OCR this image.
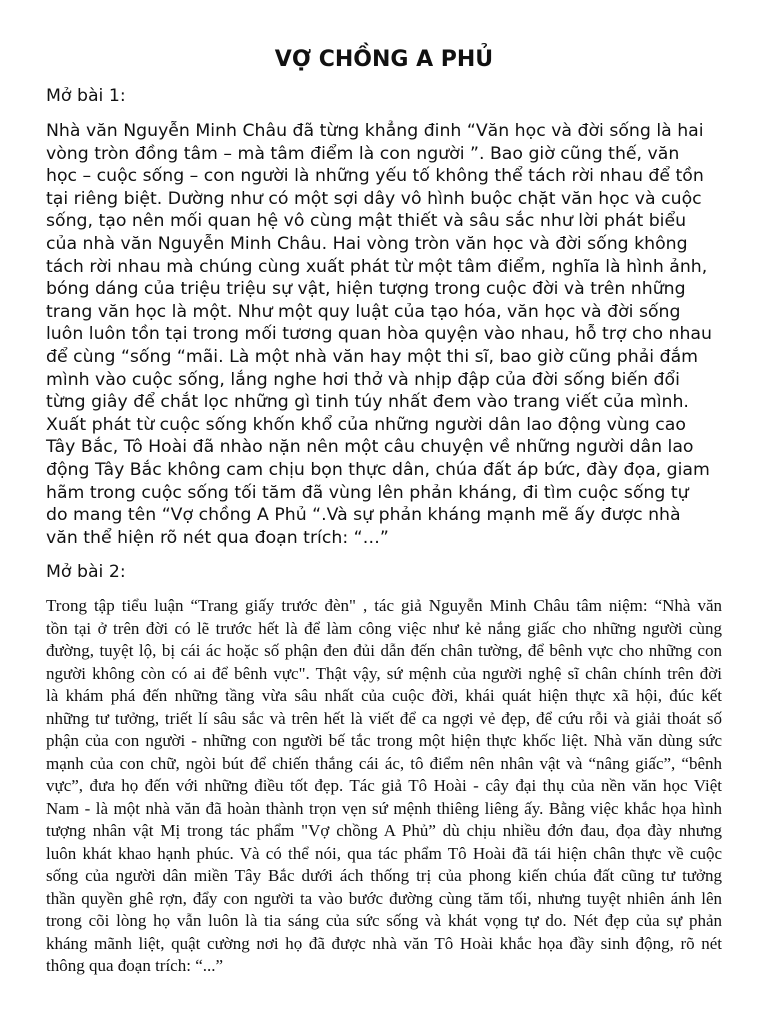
VỢ CHỒNG A PHỦ
Mở bài 1:
Nhà văn Nguyễn Minh Châu đã từng khẳng đinh “Văn học và đời sống là hai
vòng tròn đồng tâm – mà tâm điểm là con người ”. Bao giờ cũng thế, văn
học – cuộc sống – con người là những yếu tố không thể tách rời nhau để tồn
tại riêng biệt. Dường như có một sợi dây vô hình buộc chặt văn học và cuộc
sống, tạo nên mối quan hệ vô cùng mật thiết và sâu sắc như lời phát biểu
của nhà văn Nguyễn Minh Châu. Hai vòng tròn văn học và đời sống không
tách rời nhau mà chúng cùng xuất phát từ một tâm điểm, nghĩa là hình ảnh,
bóng dáng của triệu triệu sự vật, hiện tượng trong cuộc đời và trên những
trang văn học là một. Như một quy luật của tạo hóa, văn học và đời sống
luôn luôn tồn tại trong mối tương quan hòa quyện vào nhau, hỗ trợ cho nhau
để cùng “sống “mãi. Là một nhà văn hay một thi sĩ, bao giờ cũng phải đắm
mình vào cuộc sống, lắng nghe hơi thở và nhịp đập của đời sống biến đổi
từng giây để chắt lọc những gì tinh túy nhất đem vào trang viết của mình.
Xuất phát từ cuộc sống khốn khổ của những người dân lao động vùng cao
Tây Bắc, Tô Hoài đã nhào nặn nên một câu chuyện về những người dân lao
động Tây Bắc không cam chịu bọn thực dân, chúa đất áp bức, đày đọa, giam
hãm trong cuộc sống tối tăm đã vùng lên phản kháng, đi tìm cuộc sống tự
do mang tên “Vợ chồng A Phủ “.Và sự phản kháng mạnh mẽ ấy được nhà
văn thể hiện rõ nét qua đoạn trích: “…”
Mở bài 2:
Trong tập tiểu luận “Trang giấy trước đèn" , tác giả Nguyễn Minh Châu tâm niệm: “Nhà văn
tồn tại ở trên đời có lẽ trước hết là để làm công việc như kẻ nắng giấc cho những người cùng
đường, tuyệt lộ, bị cái ác hoặc số phận đen đủi dẫn đến chân tường, để bênh vực cho những con
người không còn có ai để bênh vực". Thật vậy, sứ mệnh của người nghệ sĩ chân chính trên đời
là khám phá đến những tầng vừa sâu nhất của cuộc đời, khái quát hiện thực xã hội, đúc kết
những tư tưởng, triết lí sâu sắc và trên hết là viết để ca ngợi vẻ đẹp, để cứu rỗi và giải thoát số
phận của con người - những con người bế tắc trong một hiện thực khốc liệt. Nhà văn dùng sức
mạnh của con chữ, ngòi bút để chiến thắng cái ác, tô điểm nên nhân vật và “nâng giấc”, “bênh
vực”, đưa họ đến với những điều tốt đẹp. Tác giả Tô Hoài - cây đại thụ của nền văn học Việt
Nam - là một nhà văn đã hoàn thành trọn vẹn sứ mệnh thiêng liêng ấy. Bằng việc khắc họa hình
tượng nhân vật Mị trong tác phẩm "Vợ chồng A Phủ” dù chịu nhiều đớn đau, đọa đày nhưng
luôn khát khao hạnh phúc. Và có thể nói, qua tác phẩm Tô Hoài đã tái hiện chân thực về cuộc
sống của người dân miền Tây Bắc dưới ách thống trị của phong kiến chúa đất cũng tư tưởng
thần quyền ghê rợn, đẩy con người ta vào bước đường cùng tăm tối, nhưng tuyệt nhiên ánh lên
trong cõi lòng họ vẫn luôn là tia sáng của sức sống và khát vọng tự do. Nét đẹp của sự phản
kháng mãnh liệt, quật cường nơi họ đã được nhà văn Tô Hoài khắc họa đầy sinh động, rõ nét
thông qua đoạn trích: “...”
